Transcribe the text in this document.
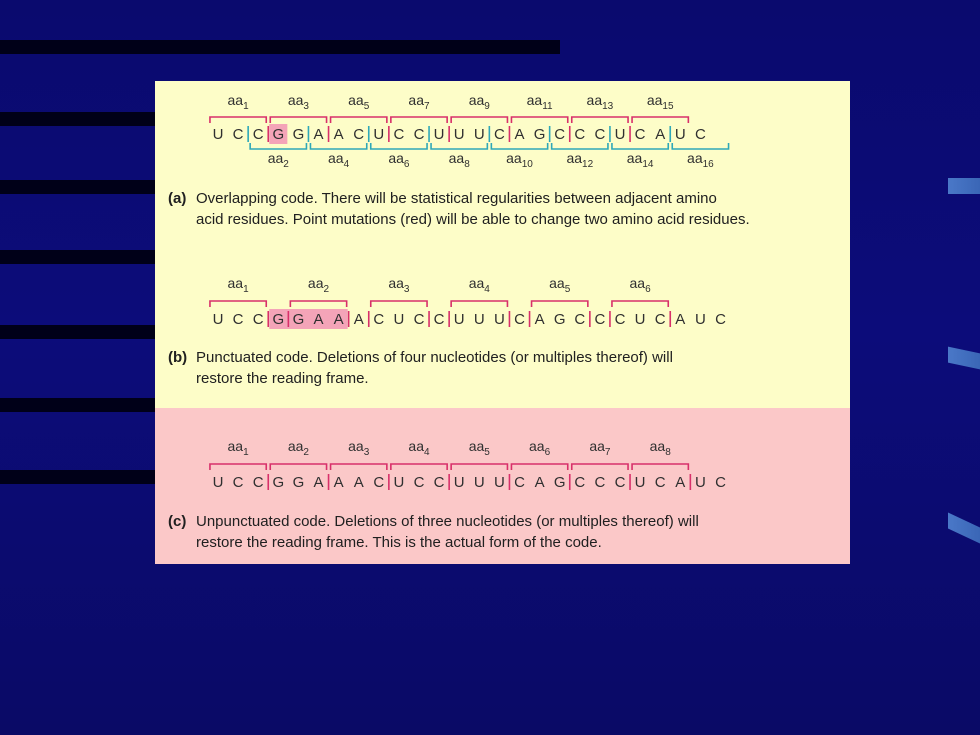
U C C G G A A C U C C U U U C A G C C C U C A U C
$aa_1$	$aa_3$	$aa_5$	$aa_7$	$aa_9$	$aa_{11}$ $aa_{13}$ $aa_{15}$
$aa_2$	$aa_4$	$aa_6$	$aa_8$	$aa_{10}$ $aa_{12}$ $aa_{14}$ $aa_{16}$
U C C G G A A A C U C C U U U C A G C C C U C A U C
$aa_1$	$aa_2$	$aa_3$	$aa_4$	$aa_5$	$aa_6$
U C C G G A A A C U C C U U U C A G C C C U C A U C
$aa_1$	$aa_2$	$aa_3$	$aa_4$	$aa_5$	$aa_6$	$aa_7$	$aa_8$
(a) Overlapping code. There will be statistical regularities between adjacent amino
acid residues. Point mutations (red) will be able to change two amino acid residues.
(b) Punctuated code. Deletions of four nucleotides (or multiples thereof) will
restore the reading frame.
(c) Unpunctuated code. Deletions of three nucleotides (or multiples thereof) will
restore the reading frame. This is the actual form of the code.
